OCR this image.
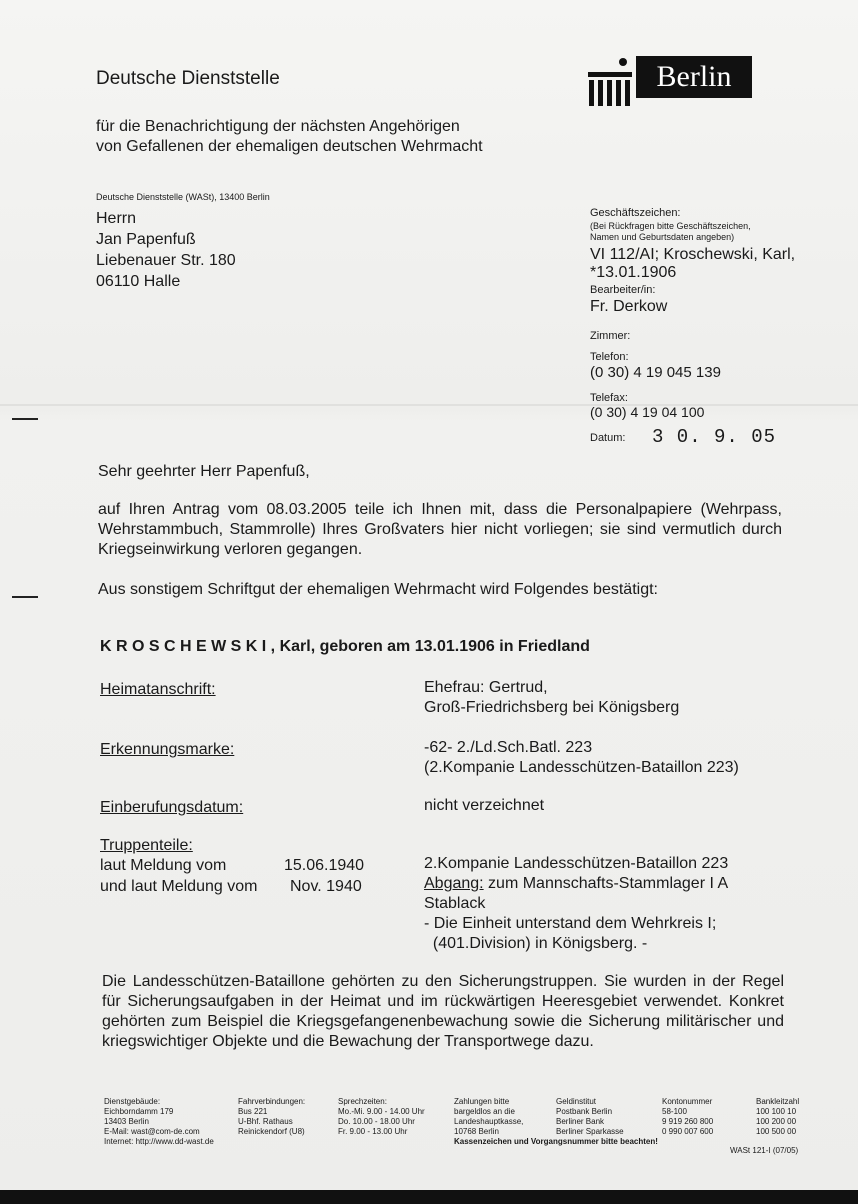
Deutsche Dienststelle
für die Benachrichtigung der nächsten Angehörigen
von Gefallenen der ehemaligen deutschen Wehrmacht
Berlin
Deutsche Dienststelle (WASt), 13400 Berlin
Herrn
Jan Papenfuß
Liebenauer Str. 180
06110 Halle
Geschäftszeichen:
(Bei Rückfragen bitte Geschäftszeichen,
Namen und Geburtsdaten angeben)
VI 112/AI; Kroschewski, Karl,
*13.01.1906
Bearbeiter/in:
Fr. Derkow
Zimmer:
Telefon:
(0 30) 4 19 045 139
Telefax:
(0 30) 4 19 04 100
Datum: 3 0. 9. 05
Sehr geehrter Herr Papenfuß,
auf Ihren Antrag vom 08.03.2005 teile ich Ihnen mit, dass die Personalpapiere (Wehrpass, Wehrstammbuch, Stammrolle) Ihres Großvaters hier nicht vorliegen; sie sind vermutlich durch Kriegseinwirkung verloren gegangen.
Aus sonstigem Schriftgut der ehemaligen Wehrmacht wird Folgendes bestätigt:
K R O S C H E W S K I , Karl, geboren am 13.01.1906 in Friedland
Heimatanschrift:	Ehefrau: Gertrud,
Groß-Friedrichsberg bei Königsberg
Erkennungsmarke:	-62- 2./Ld.Sch.Batl. 223
(2.Kompanie Landesschützen-Bataillon 223)
Einberufungsdatum:	nicht verzeichnet
Truppenteile:
laut Meldung vom	15.06.1940
und laut Meldung vom Nov. 1940
2.Kompanie Landesschützen-Bataillon 223
Abgang: zum Mannschafts-Stammlager I A
Stablack
- Die Einheit unterstand dem Wehrkreis I;
(401.Division) in Königsberg. -
Die Landesschützen-Bataillone gehörten zu den Sicherungstruppen. Sie wurden in der Regel für Sicherungsaufgaben in der Heimat und im rückwärtigen Heeresgebiet verwendet. Konkret gehörten zum Beispiel die Kriegsgefangenenbewachung sowie die Sicherung militärischer und kriegswichtiger Objekte und die Bewachung der Transportwege dazu.
Dienstgebäude:
Eichborndamm 179
13403 Berlin
E-Mail: wast@com-de.com
Internet: http://www.dd-wast.de
Fahrverbindungen:
Bus 221
U-Bhf. Rathaus
Reinickendorf (U8)
Sprechzeiten:
Mo.-Mi. 9.00 - 14.00 Uhr
Do. 10.00 - 18.00 Uhr
Fr. 9.00 - 13.00 Uhr
Zahlungen bitte
bargeldlos an die
Landeshauptkasse,
10768 Berlin
Geldinstitut
Postbank Berlin
Berliner Bank
Berliner Sparkasse
Kontonummer
58-100
9 919 260 800
0 990 007 600
Bankleitzahl
100 100 10
100 200 00
100 500 00
Kassenzeichen und Vorgangsnummer bitte beachten!
WASt 121-I (07/05)
